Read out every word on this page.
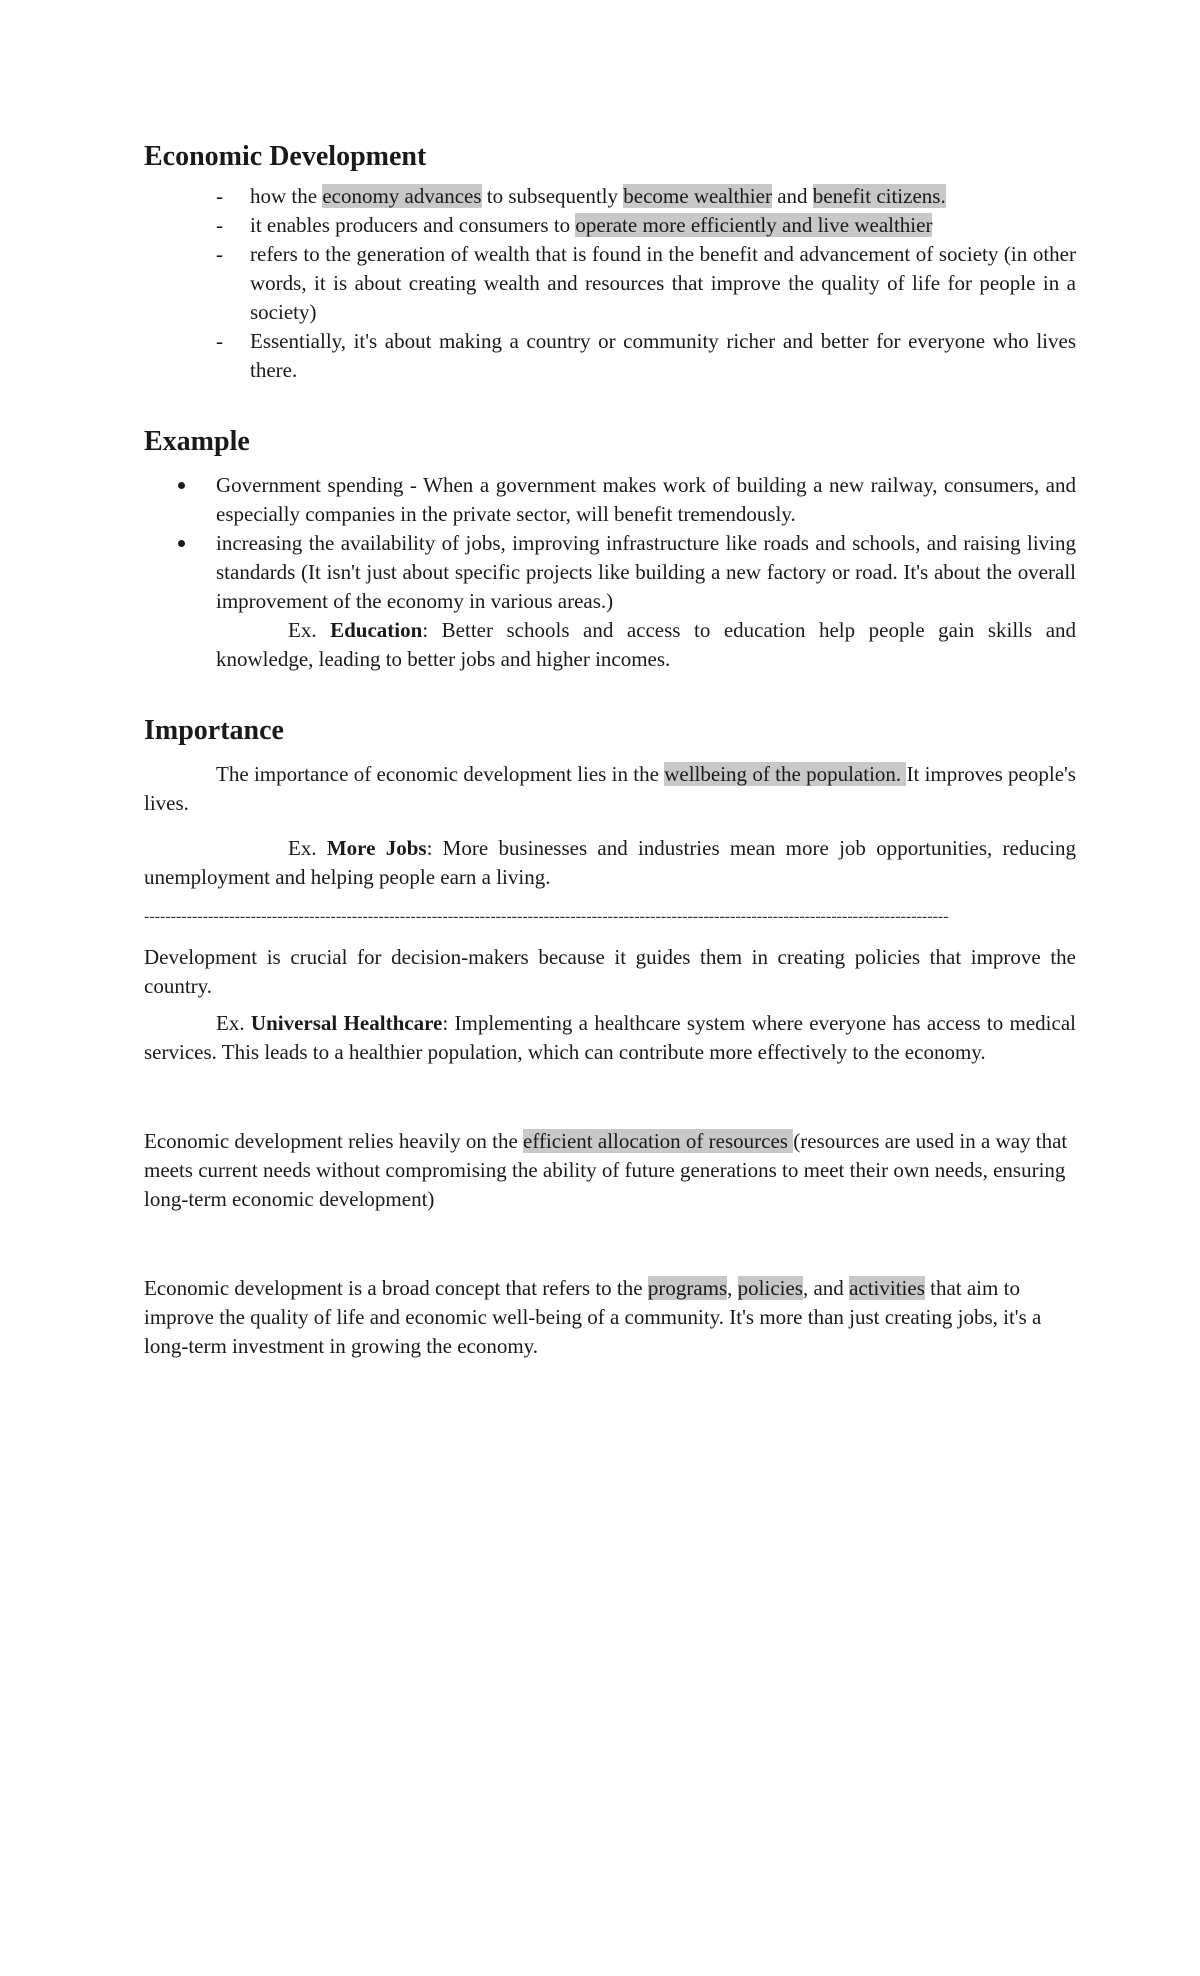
Economic Development
- how the economy advances to subsequently become wealthier and benefit citizens.
- it enables producers and consumers to operate more efficiently and live wealthier
- refers to the generation of wealth that is found in the benefit and advancement of society (in other words, it is about creating wealth and resources that improve the quality of life for people in a society)
- Essentially, it's about making a country or community richer and better for everyone who lives there.
Example
Government spending - When a government makes work of building a new railway, consumers, and especially companies in the private sector, will benefit tremendously.
increasing the availability of jobs, improving infrastructure like roads and schools, and raising living standards (It isn't just about specific projects like building a new factory or road. It's about the overall improvement of the economy in various areas.)
Ex. Education: Better schools and access to education help people gain skills and knowledge, leading to better jobs and higher incomes.
Importance

The importance of economic development lies in the wellbeing of the population. It improves people's lives.

Ex. More Jobs: More businesses and industries mean more job opportunities, reducing unemployment and helping people earn a living.

-------------------------------------------------------------------------------------------------------------------------------------------------------

Development is crucial for decision-makers because it guides them in creating policies that improve the country.

Ex. Universal Healthcare: Implementing a healthcare system where everyone has access to medical services. This leads to a healthier population, which can contribute more effectively to the economy.

Economic development relies heavily on the efficient allocation of resources (resources are used in a way that meets current needs without compromising the ability of future generations to meet their own needs, ensuring long-term economic development)

Economic development is a broad concept that refers to the programs, policies, and activities that aim to improve the quality of life and economic well-being of a community. It's more than just creating jobs, it's a long-term investment in growing the economy.
